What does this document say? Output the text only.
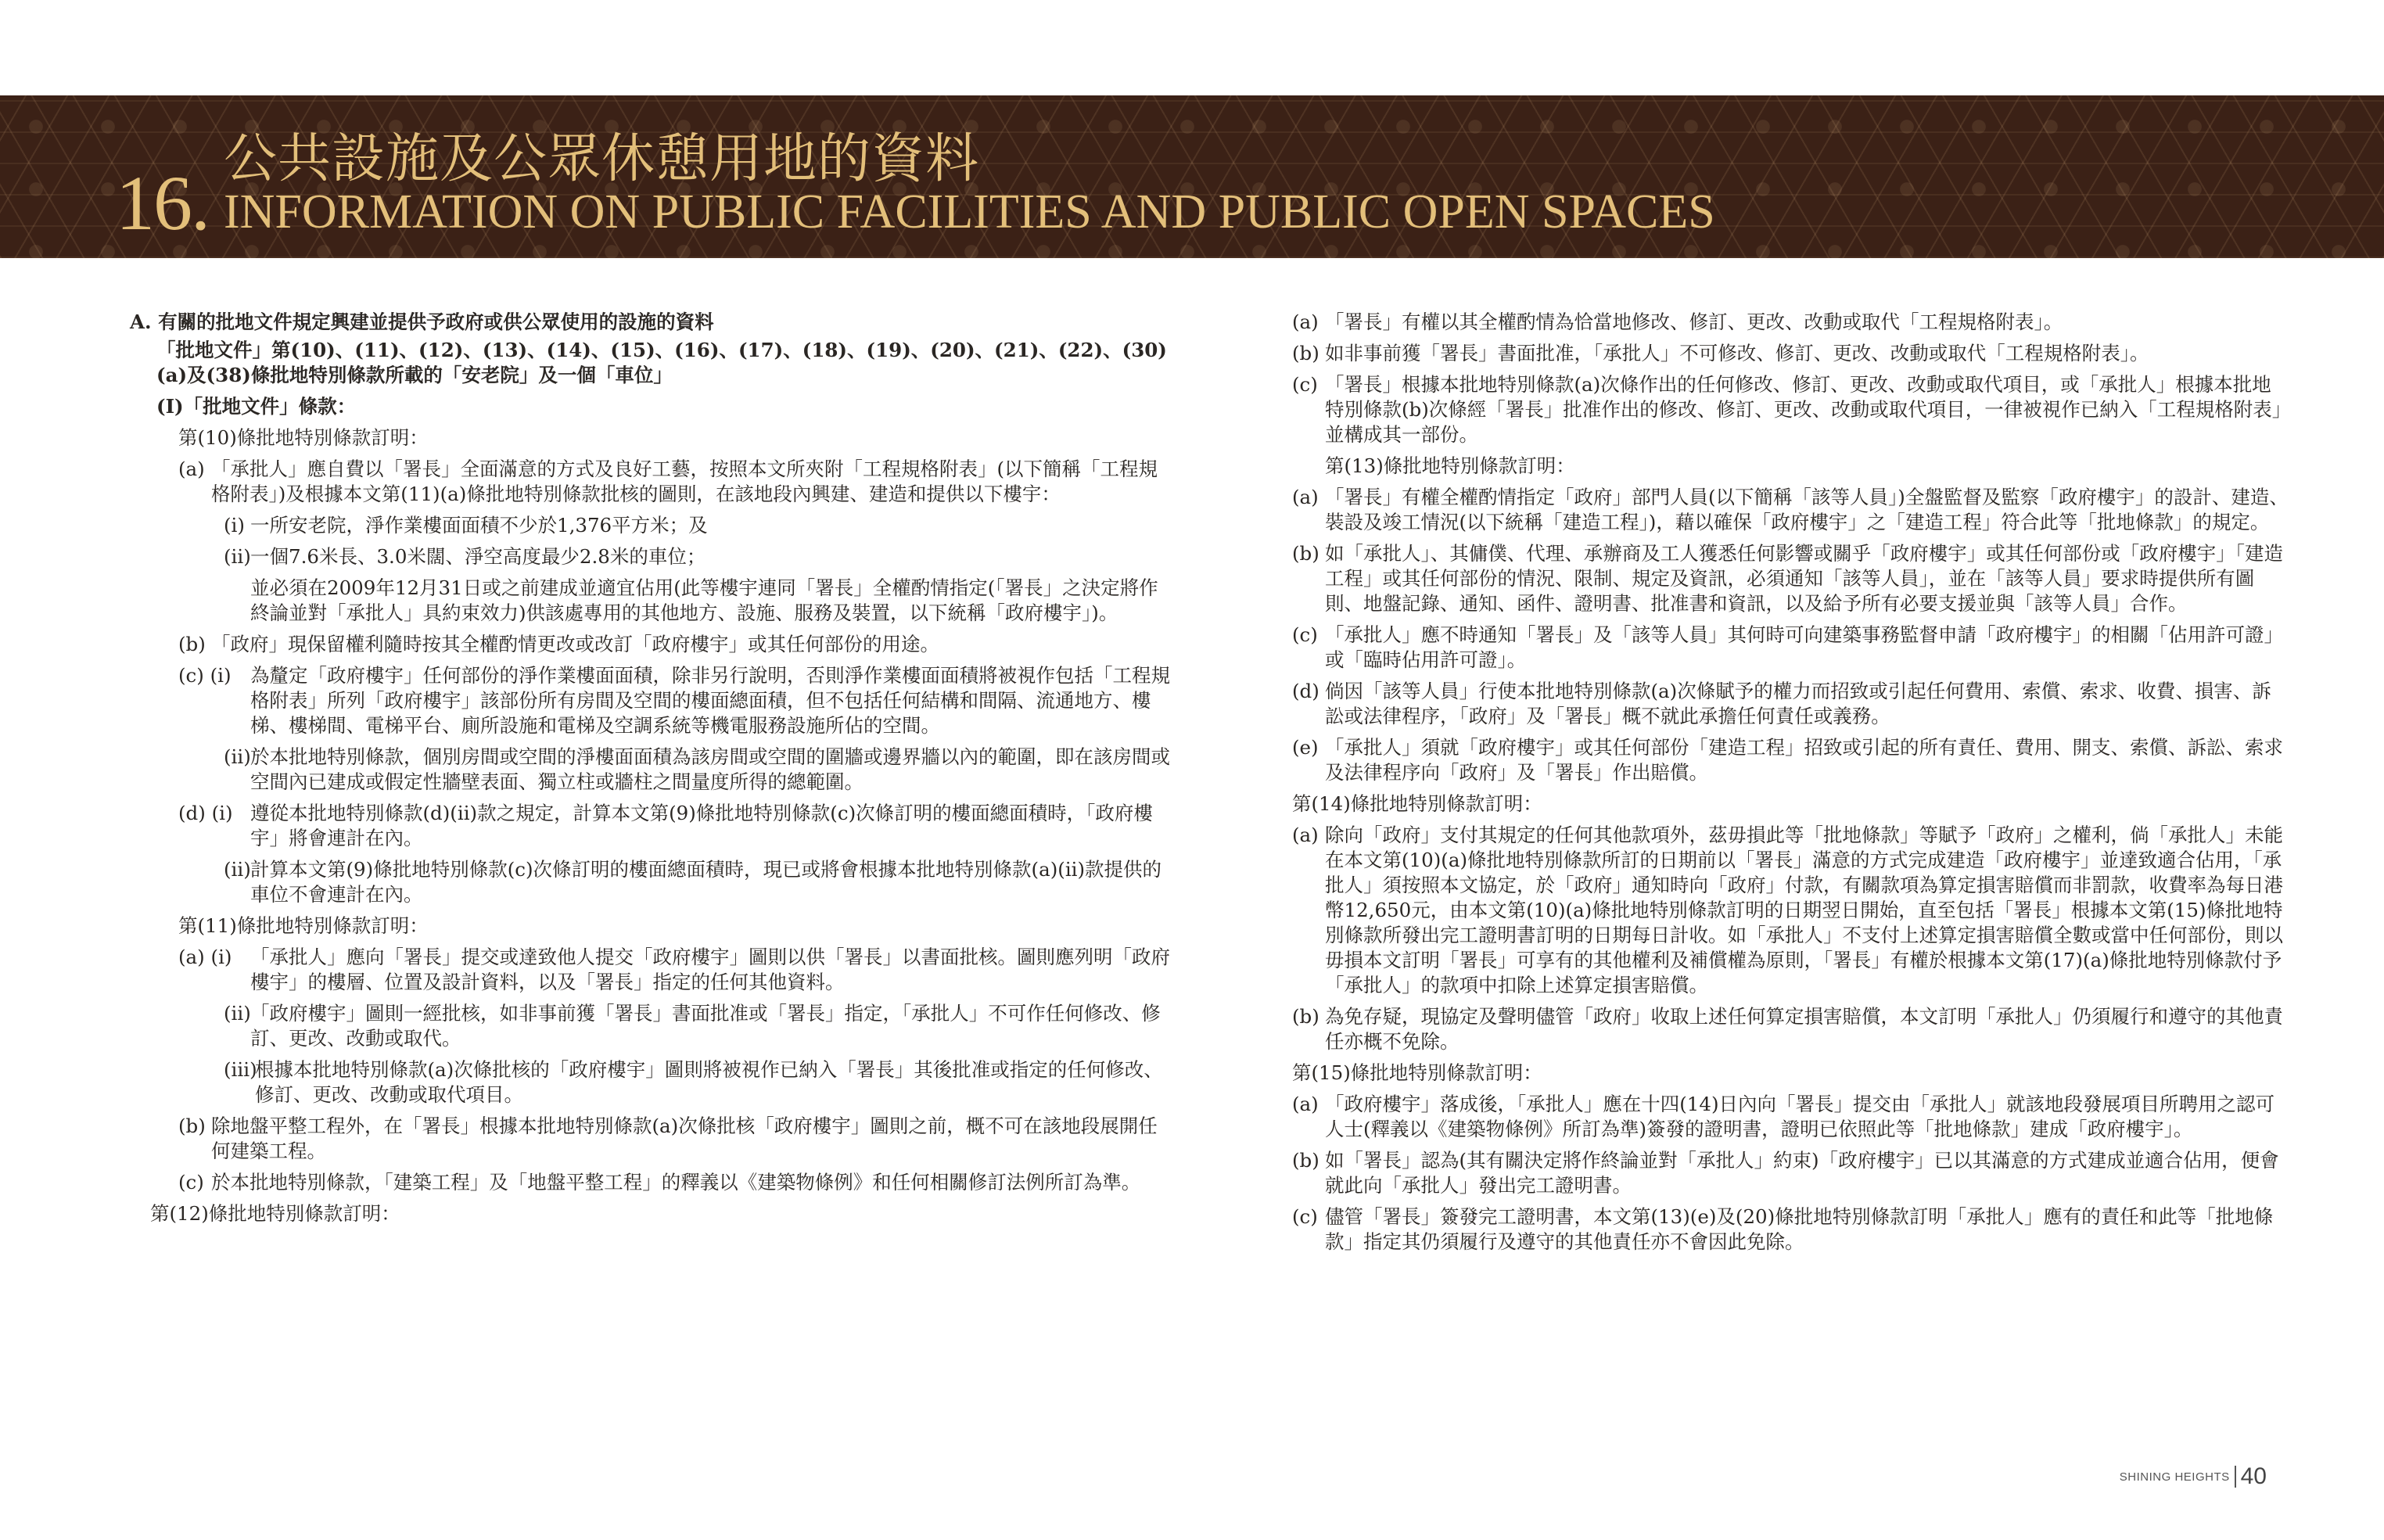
16.
公共設施及公眾休憩用地的資料
INFORMATION ON PUBLIC FACILITIES AND PUBLIC OPEN SPACES
A. 有關的批地文件規定興建並提供予政府或供公眾使用的設施的資料
「批地文件」第(10)、(11)、(12)、(13)、(14)、(15)、(16)、(17)、(18)、(19)、(20)、(21)、(22)、(30)(a)及(38)條批地特別條款所載的「安老院」及一個「車位」
(I)「批地文件」條款：
第(10)條批地特別條款訂明：
(a) 「承批人」應自費以「署長」全面滿意的方式及良好工藝，按照本文所夾附「工程規格附表」(以下簡稱「工程規格附表」)及根據本文第(11)(a)條批地特別條款批核的圖則，在該地段內興建、建造和提供以下樓宇：
(i) 一所安老院，淨作業樓面面積不少於1,376平方米；及
(ii) 一個7.6米長、3.0米闊、淨空高度最少2.8米的車位；
並必須在2009年12月31日或之前建成並適宜佔用(此等樓宇連同「署長」全權酌情指定(「署長」之決定將作終論並對「承批人」具約束效力)供該處專用的其他地方、設施、服務及裝置，以下統稱「政府樓宇」)。
(b) 「政府」現保留權利隨時按其全權酌情更改或改訂「政府樓宇」或其任何部份的用途。
(c) (i) 為釐定「政府樓宇」任何部份的淨作業樓面面積，除非另行說明，否則淨作業樓面面積將被視作包括「工程規格附表」所列「政府樓宇」該部份所有房間及空間的樓面總面積，但不包括任何結構和間隔、流通地方、樓梯、樓梯間、電梯平台、廁所設施和電梯及空調系統等機電服務設施所佔的空間。
(ii) 於本批地特別條款，個別房間或空間的淨樓面面積為該房間或空間的圍牆或邊界牆以內的範圍，即在該房間或空間內已建成或假定性牆壁表面、獨立柱或牆柱之間量度所得的總範圍。
(d) (i) 遵從本批地特別條款(d)(ii)款之規定，計算本文第(9)條批地特別條款(c)次條訂明的樓面總面積時，「政府樓宇」將會連計在內。
(ii) 計算本文第(9)條批地特別條款(c)次條訂明的樓面總面積時，現已或將會根據本批地特別條款(a)(ii)款提供的車位不會連計在內。
第(11)條批地特別條款訂明：
(a) (i) 「承批人」應向「署長」提交或達致他人提交「政府樓宇」圖則以供「署長」以書面批核。圖則應列明「政府樓宇」的樓層、位置及設計資料，以及「署長」指定的任何其他資料。
(ii) 「政府樓宇」圖則一經批核，如非事前獲「署長」書面批准或「署長」指定，「承批人」不可作任何修改、修訂、更改、改動或取代。
(iii)
根據本批地特別條款(a)次條批核的「政府樓宇」圖則將被視作已納入「署長」其後批准或指定的任何修改、修訂、更改、改動或取代項目。
(b) 除地盤平整工程外，在「署長」根據本批地特別條款(a)次條批核「政府樓宇」圖則之前，概不可在該地段展開任何建築工程。
(c) 於本批地特別條款，「建築工程」及「地盤平整工程」的釋義以《建築物條例》和任何相關修訂法例所訂為準。
第(12)條批地特別條款訂明：
(a) 「署長」有權以其全權酌情為恰當地修改、修訂、更改、改動或取代「工程規格附表」。
(b) 如非事前獲「署長」書面批准，「承批人」不可修改、修訂、更改、改動或取代「工程規格附表」。
(c) 「署長」根據本批地特別條款(a)次條作出的任何修改、修訂、更改、改動或取代項目，或「承批人」根據本批地特別條款(b)次條經「署長」批准作出的修改、修訂、更改、改動或取代項目，一律被視作已納入「工程規格附表」並構成其一部份。
第(13)條批地特別條款訂明：
(a) 「署長」有權全權酌情指定「政府」部門人員(以下簡稱「該等人員」)全盤監督及監察「政府樓宇」的設計、建造、裝設及竣工情況(以下統稱「建造工程」)，藉以確保「政府樓宇」之「建造工程」符合此等「批地條款」的規定。
(b) 如「承批人」、其傭僕、代理、承辦商及工人獲悉任何影響或關乎「政府樓宇」或其任何部份或「政府樓宇」「建造工程」或其任何部份的情況、限制、規定及資訊，必須通知「該等人員」，並在「該等人員」要求時提供所有圖則、地盤記錄、通知、函件、證明書、批准書和資訊，以及給予所有必要支援並與「該等人員」合作。
(c) 「承批人」應不時通知「署長」及「該等人員」其何時可向建築事務監督申請「政府樓宇」的相關「佔用許可證」或「臨時佔用許可證」。
(d) 倘因「該等人員」行使本批地特別條款(a)次條賦予的權力而招致或引起任何費用、索償、索求、收費、損害、訴訟或法律程序，「政府」及「署長」概不就此承擔任何責任或義務。
(e) 「承批人」須就「政府樓宇」或其任何部份「建造工程」招致或引起的所有責任、費用、開支、索償、訴訟、索求及法律程序向「政府」及「署長」作出賠償。
第(14)條批地特別條款訂明：
(a) 除向「政府」支付其規定的任何其他款項外，茲毋損此等「批地條款」等賦予「政府」之權利，倘「承批人」未能在本文第(10)(a)條批地特別條款所訂的日期前以「署長」滿意的方式完成建造「政府樓宇」並達致適合佔用，「承批人」須按照本文協定，於「政府」通知時向「政府」付款，有關款項為算定損害賠償而非罰款，收費率為每日港幣12,650元，由本文第(10)(a)條批地特別條款訂明的日期翌日開始，直至包括「署長」根據本文第(15)條批地特別條款所發出完工證明書訂明的日期每日計收。如「承批人」不支付上述算定損害賠償全數或當中任何部份，則以毋損本文訂明「署長」可享有的其他權利及補償權為原則，「署長」有權於根據本文第(17)(a)條批地特別條款付予「承批人」的款項中扣除上述算定損害賠償。
(b) 為免存疑，現協定及聲明儘管「政府」收取上述任何算定損害賠償，本文訂明「承批人」仍須履行和遵守的其他責任亦概不免除。
第(15)條批地特別條款訂明：
(a) 「政府樓宇」落成後，「承批人」應在十四(14)日內向「署長」提交由「承批人」就該地段發展項目所聘用之認可人士(釋義以《建築物條例》所訂為準)簽發的證明書，證明已依照此等「批地條款」建成「政府樓宇」。
(b) 如「署長」認為(其有關決定將作終論並對「承批人」約束)「政府樓宇」已以其滿意的方式建成並適合佔用，便會就此向「承批人」發出完工證明書。
(c) 儘管「署長」簽發完工證明書，本文第(13)(e)及(20)條批地特別條款訂明「承批人」應有的責任和此等「批地條款」指定其仍須履行及遵守的其他責任亦不會因此免除。
SHINING HEIGHTS 40
